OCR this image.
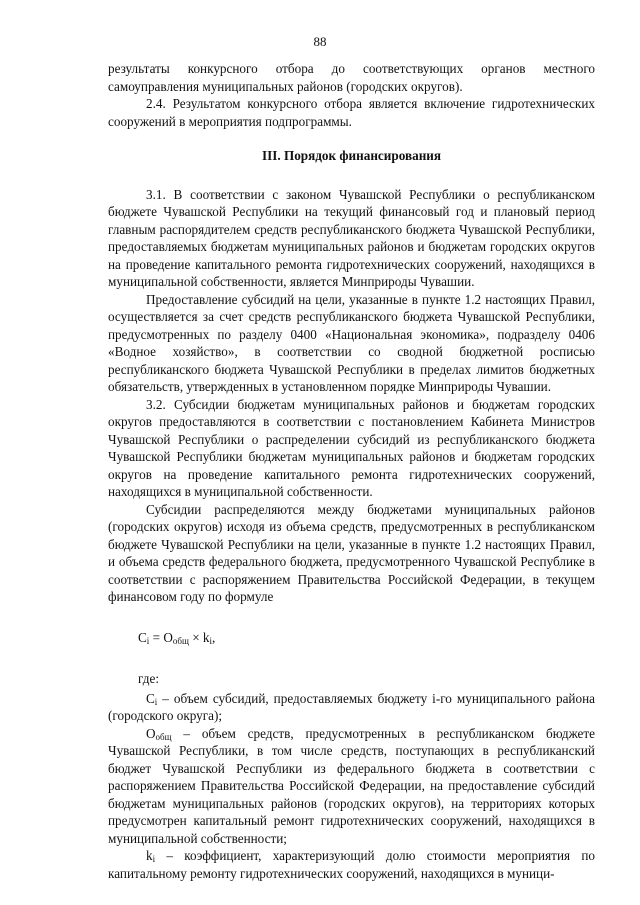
88

результаты конкурсного отбора до соответствующих органов местного самоуправления муниципальных районов (городских округов).

2.4. Результатом конкурсного отбора является включение гидротехнических сооружений в мероприятия подпрограммы.

III. Порядок финансирования

3.1. В соответствии с законом Чувашской Республики о республиканском бюджете Чувашской Республики на текущий финансовый год и плановый период главным распорядителем средств республиканского бюджета Чувашской Республики, предоставляемых бюджетам муниципальных районов и бюджетам городских округов на проведение капитального ремонта гидротехнических сооружений, находящихся в муниципальной собственности, является Минприроды Чувашии.

Предоставление субсидий на цели, указанные в пункте 1.2 настоящих Правил, осуществляется за счет средств республиканского бюджета Чувашской Республики, предусмотренных по разделу 0400 «Национальная экономика», подразделу 0406 «Водное хозяйство», в соответствии со сводной бюджетной росписью республиканского бюджета Чувашской Республики в пределах лимитов бюджетных обязательств, утвержденных в установленном порядке Минприроды Чувашии.

3.2. Субсидии бюджетам муниципальных районов и бюджетам городских округов предоставляются в соответствии с постановлением Кабинета Министров Чувашской Республики о распределении субсидий из республиканского бюджета Чувашской Республики бюджетам муниципальных районов и бюджетам городских округов на проведение капитального ремонта гидротехнических сооружений, находящихся в муниципальной собственности.

Субсидии распределяются между бюджетами муниципальных районов (городских округов) исходя из объема средств, предусмотренных в республиканском бюджете Чувашской Республики на цели, указанные в пункте 1.2 настоящих Правил, и объема средств федерального бюджета, предусмотренного Чувашской Республике в соответствии с распоряжением Правительства Российской Федерации, в текущем финансовом году по формуле

$C_i = O_{общ} \times k_i$,

где:

$C_i$ – объем субсидий, предоставляемых бюджету i-го муниципального района (городского округа);

$O_{общ}$ – объем средств, предусмотренных в республиканском бюджете Чувашской Республики, в том числе средств, поступающих в республиканский бюджет Чувашской Республики из федерального бюджета в соответствии с распоряжением Правительства Российской Федерации, на предоставление субсидий бюджетам муниципальных районов (городских округов), на территориях которых предусмотрен капитальный ремонт гидротехнических сооружений, находящихся в муниципальной собственности;

$k_i$ – коэффициент, характеризующий долю стоимости мероприятия по капитальному ремонту гидротехнических сооружений, находящихся в муници-
